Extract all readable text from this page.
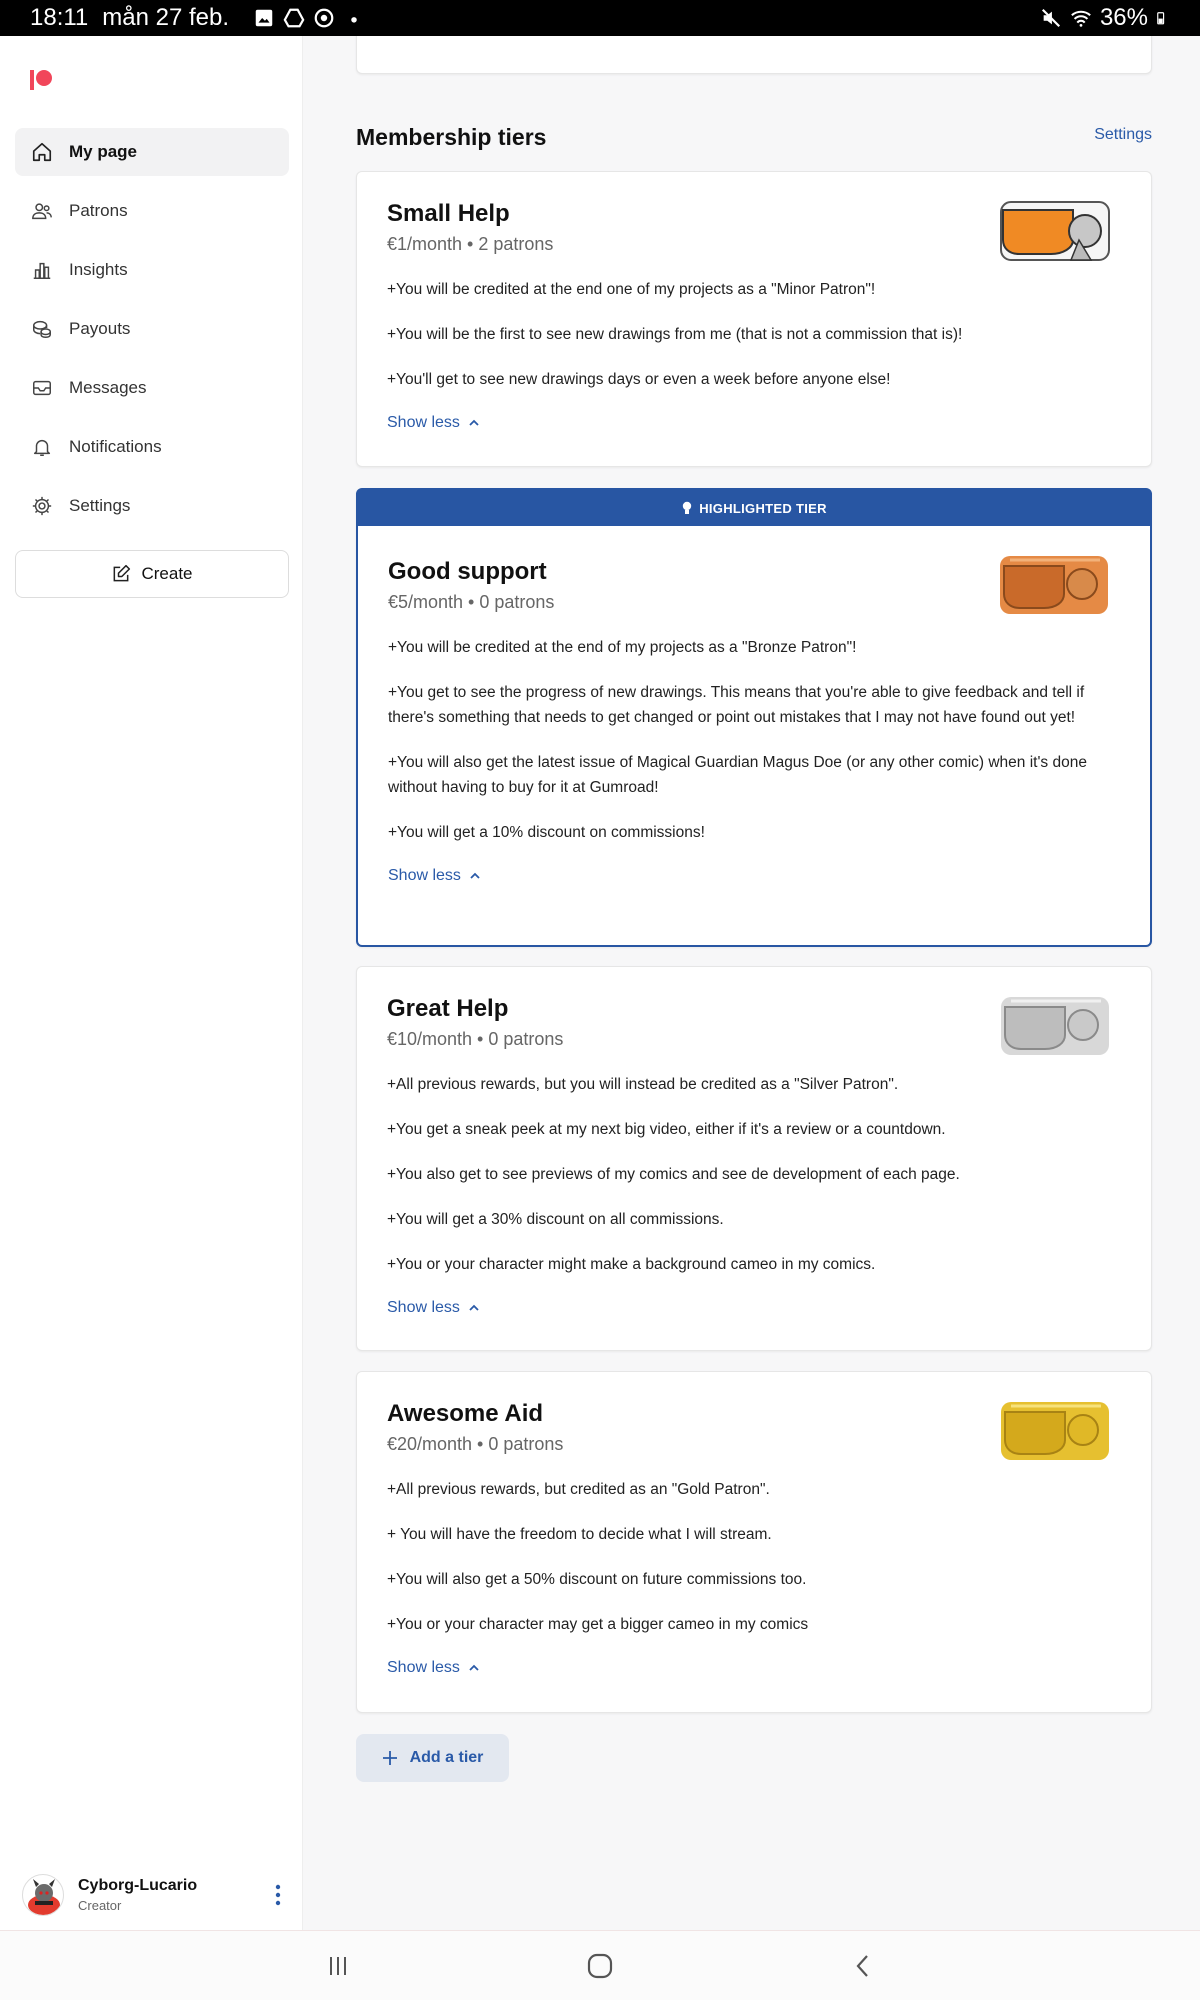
18:11 mån 27 feb.	36%
My page
Patrons
Insights
Payouts
Messages
Notifications
Settings
Create
Cyborg-Lucario
Creator
Membership tiers	Settings
Small Help
€1/month • 2 patrons
+You will be credited at the end one of my projects as a "Minor Patron"!
+You will be the first to see new drawings from me (that is not a commission that is)!
+You'll get to see new drawings days or even a week before anyone else!
Show less
HIGHLIGHTED TIER
Good support
€5/month • 0 patrons
+You will be credited at the end of my projects as a "Bronze Patron"!
+You get to see the progress of new drawings. This means that you're able to give feedback and tell if there's something that needs to get changed or point out mistakes that I may not have found out yet!
+You will also get the latest issue of Magical Guardian Magus Doe (or any other comic) when it's done without having to buy for it at Gumroad!
+You will get a 10% discount on commissions!
Show less
Great Help
€10/month • 0 patrons
+All previous rewards, but you will instead be credited as a "Silver Patron".
+You get a sneak peek at my next big video, either if it's a review or a countdown.
+You also get to see previews of my comics and see de development of each page.
+You will get a 30% discount on all commissions.
+You or your character might make a background cameo in my comics.
Show less
Awesome Aid
€20/month • 0 patrons
+All previous rewards, but credited as an "Gold Patron".
+ You will have the freedom to decide what I will stream.
+You will also get a 50% discount on future commissions too.
+You or your character may get a bigger cameo in my comics
Show less
Add a tier
